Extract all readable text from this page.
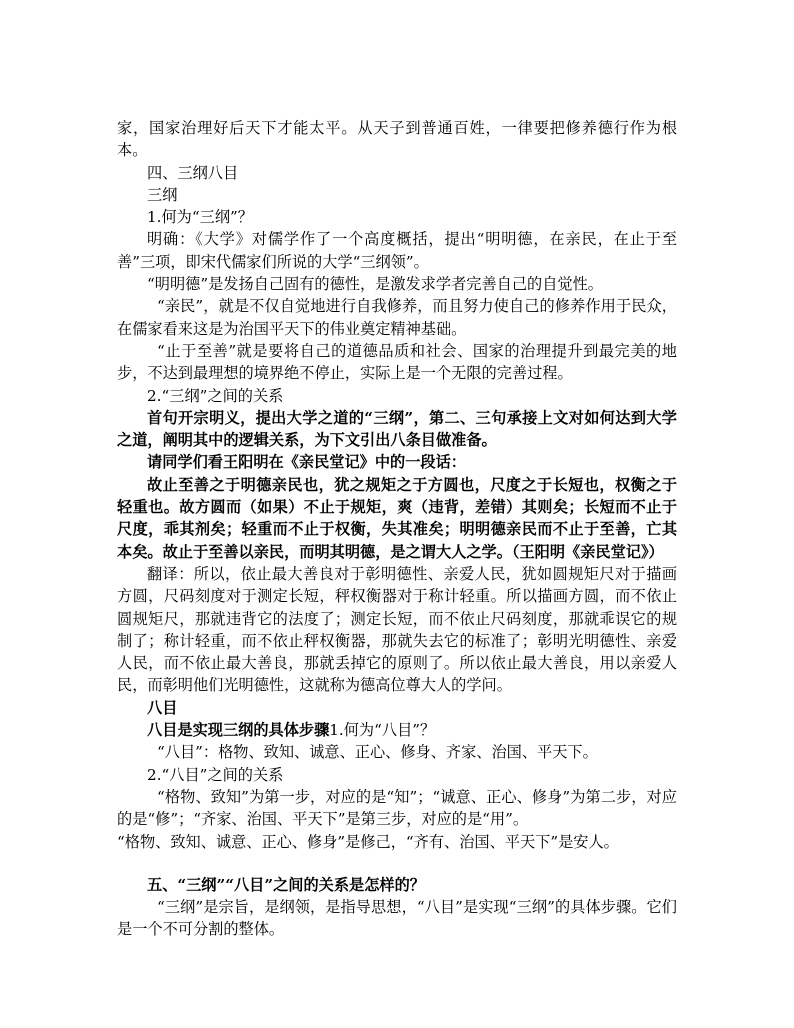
家，国家治理好后天下才能太平。从天子到普通百姓，一律要把修养德行作为根本。

四、三纲八目

三纲

1.何为“三纲”？

明确：《大学》对儒学作了一个高度概括，提出“明明德，在亲民，在止于至善”三项，即宋代儒家们所说的大学“三纲领”。

“明明德”是发扬自己固有的德性，是激发求学者完善自己的自觉性。

“亲民”，就是不仅自觉地进行自我修养，而且努力使自己的修养作用于民众，在儒家看来这是为治国平天下的伟业奠定精神基础。

“止于至善”就是要将自己的道德品质和社会、国家的治理提升到最完美的地步，不达到最理想的境界绝不停止，实际上是一个无限的完善过程。

2.“三纲”之间的关系

首句开宗明义，提出大学之道的“三纲”，第二、三句承接上文对如何达到大学之道，阐明其中的逻辑关系，为下文引出八条目做准备。

请同学们看王阳明在《亲民堂记》中的一段话：

故止至善之于明德亲民也，犹之规矩之于方圆也，尺度之于长短也，权衡之于轻重也。故方圆而（如果）不止于规矩，爽（违背，差错）其则矣；长短而不止于尺度，乖其剂矣；轻重而不止于权衡，失其准矣；明明德亲民而不止于至善，亡其本矣。故止于至善以亲民，而明其明德，是之谓大人之学。（王阳明《亲民堂记》）

翻译：所以，依止最大善良对于彰明德性、亲爱人民，犹如圆规矩尺对于描画方圆，尺码刻度对于测定长短，秤权衡器对于称计轻重。所以描画方圆，而不依止圆规矩尺，那就违背它的法度了；测定长短，而不依止尺码刻度，那就乖误它的规制了；称计轻重，而不依止秤权衡器，那就失去它的标准了；彰明光明德性、亲爱人民，而不依止最大善良，那就丢掉它的原则了。所以依止最大善良，用以亲爱人民，而彰明他们光明德性，这就称为德高位尊大人的学问。

八目

八目是实现三纲的具体步骤1.何为“八目”？

“八目”：格物、致知、诚意、正心、修身、齐家、治国、平天下。

2.“八目”之间的关系

“格物、致知”为第一步，对应的是“知”；“诚意、正心、修身”为第二步，对应的是“修”；“齐家、治国、平天下”是第三步，对应的是“用”。

“格物、致知、诚意、正心、修身”是修己，“齐有、治国、平天下”是安人。

五、“三纲”“八目”之间的关系是怎样的？

“三纲”是宗旨，是纲领，是指导思想，“八目”是实现“三纲”的具体步骤。它们是一个不可分割的整体。
